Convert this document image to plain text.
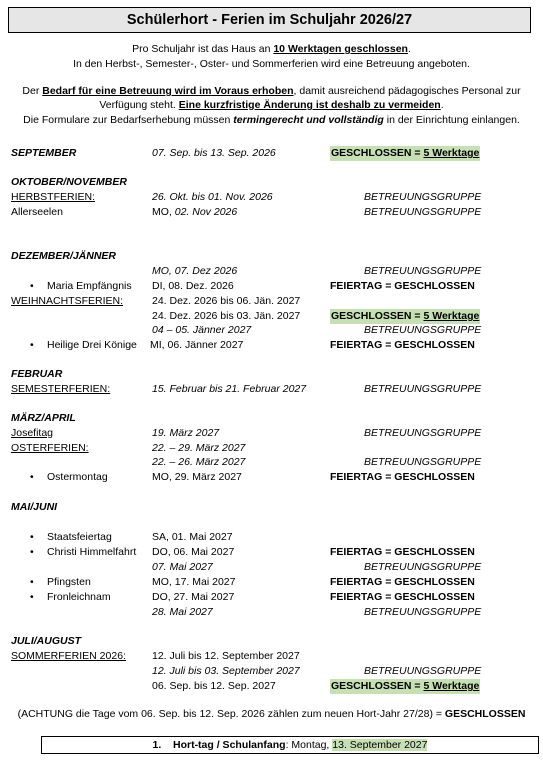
Schülerhort - Ferien im Schuljahr 2026/27
Pro Schuljahr ist das Haus an 10 Werktagen geschlossen.
In den Herbst-, Semester-, Oster- und Sommerferien wird eine Betreuung angeboten.
Der Bedarf für eine Betreuung wird im Voraus erhoben, damit ausreichend pädagogisches Personal zur
Verfügung steht. Eine kurzfristige Änderung ist deshalb zu vermeiden.
Die Formulare zur Bedarfserhebung müssen termingerecht und vollständig in der Einrichtung einlangen.
SEPTEMBER	07. Sep. bis 13. Sep. 2026	GESCHLOSSEN = 5 Werktage
OKTOBER/NOVEMBER
HERBSTFERIEN:	26. Okt. bis 01. Nov. 2026	BETREUUNGSGRUPPE
Allerseelen	MO, 02. Nov 2026	BETREUUNGSGRUPPE
DEZEMBER/JÄNNER
MO, 07. Dez 2026	BETREUUNGSGRUPPE
• Maria Empfängnis DI, 08. Dez. 2026	FEIERTAG = GESCHLOSSEN
WEIHNACHTSFERIEN:	24. Dez. 2026 bis 06. Jän. 2027
24. Dez. 2026 bis 03. Jän. 2027	GESCHLOSSEN = 5 Werktage
04 – 05. Jänner 2027	BETREUUNGSGRUPPE
• Heilige Drei Könige MI, 06. Jänner 2027	FEIERTAG = GESCHLOSSEN
FEBRUAR
SEMESTERFERIEN:	15. Februar bis 21. Februar 2027	BETREUUNGSGRUPPE
MÄRZ/APRIL
Josefitag	19. März 2027	BETREUUNGSGRUPPE
OSTERFERIEN:	22. – 29. März 2027
22. – 26. März 2027	BETREUUNGSGRUPPE
• Ostermontag	MO, 29. März 2027	FEIERTAG = GESCHLOSSEN
MAI/JUNI
• Staatsfeiertag	SA, 01. Mai 2027
• Christi Himmelfahrt DO, 06. Mai 2027	FEIERTAG = GESCHLOSSEN
07. Mai 2027	BETREUUNGSGRUPPE
• Pfingsten	MO, 17. Mai 2027	FEIERTAG = GESCHLOSSEN
• Fronleichnam	DO, 27. Mai 2027	FEIERTAG = GESCHLOSSEN
28. Mai 2027	BETREUUNGSGRUPPE
JULI/AUGUST
SOMMERFERIEN 2026: 12. Juli bis 12. September 2027
12. Juli bis 03. September 2027	BETREUUNGSGRUPPE
06. Sep. bis 12. Sep. 2027	GESCHLOSSEN = 5 Werktage
(ACHTUNG die Tage vom 06. Sep. bis 12. Sep. 2026 zählen zum neuen Hort-Jahr 27/28) = GESCHLOSSEN
1. Hort-tag / Schulanfang: Montag, 13. September 2027
